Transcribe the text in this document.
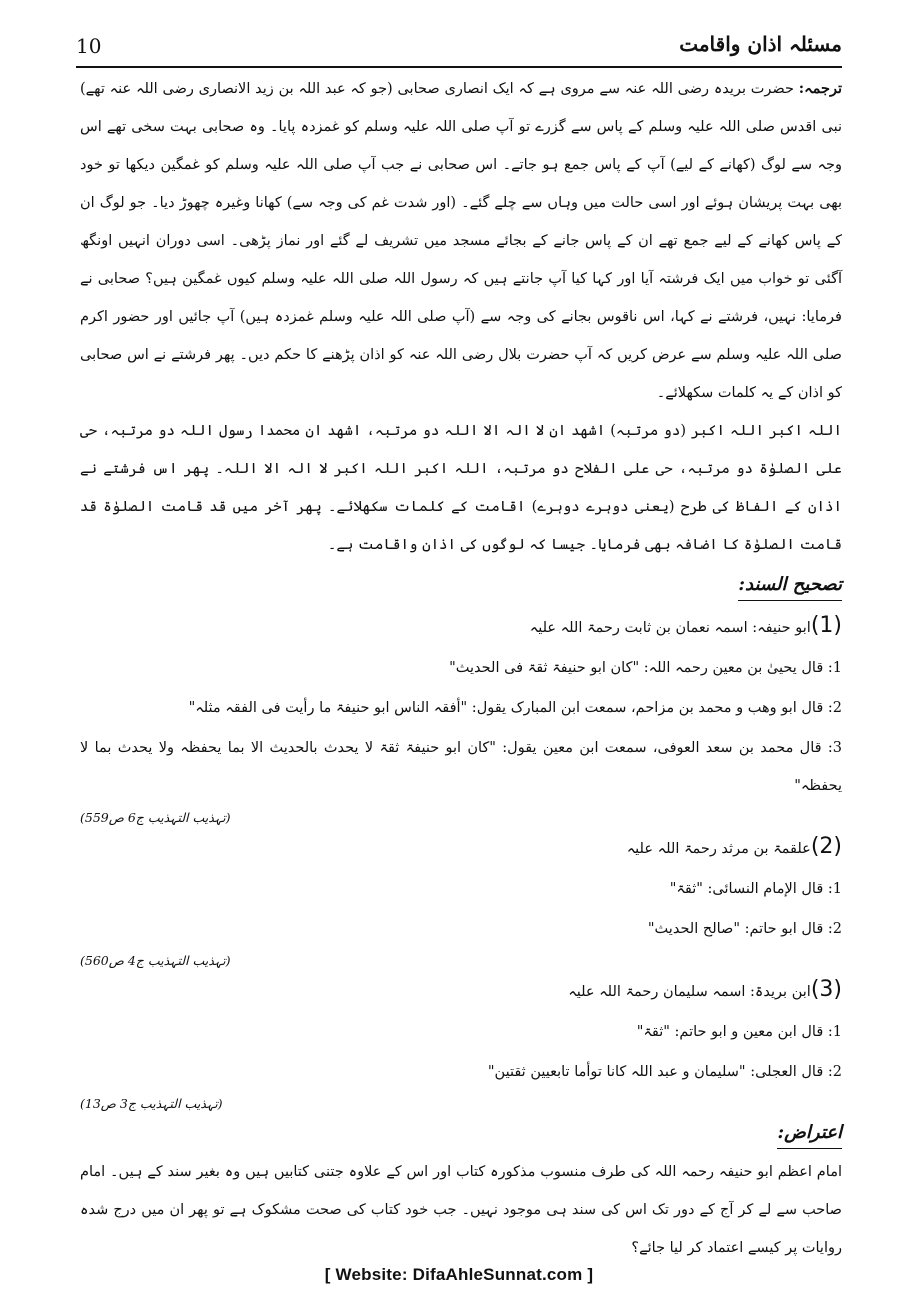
10	مسئلہ اذان واقامت

ترجمہ: حضرت بریدہ رضی اللہ عنہ سے مروی ہے کہ ایک انصاری صحابی (جو کہ عبد اللہ بن زید الانصاری رضی اللہ عنہ تھے) نبی اقدس صلی اللہ علیہ وسلم کے پاس سے گزرے تو آپ صلی اللہ علیہ وسلم کو غمزدہ پایا۔ وہ صحابی بہت سخی تھے اس وجہ سے لوگ (کھانے کے لیے) آپ کے پاس جمع ہو جاتے۔ اس صحابی نے جب آپ صلی اللہ علیہ وسلم کو غمگین دیکھا تو خود بھی بہت پریشان ہوئے اور اسی حالت میں وہاں سے چلے گئے۔ (اور شدت غم کی وجہ سے) کھانا وغیرہ چھوڑ دیا۔ جو لوگ ان کے پاس کھانے کے لیے جمع تھے ان کے پاس جانے کے بجائے مسجد میں تشریف لے گئے اور نماز پڑھی۔ اسی دوران انہیں اونگھ آگئی تو خواب میں ایک فرشتہ آیا اور کہا کیا آپ جانتے ہیں کہ رسول اللہ صلی اللہ علیہ وسلم کیوں غمگین ہیں؟ صحابی نے فرمایا: نہیں، فرشتے نے کہا، اس ناقوس بجانے کی وجہ سے (آپ صلی اللہ علیہ وسلم غمزدہ ہیں) آپ جائیں اور حضور اکرم صلی اللہ علیہ وسلم سے عرض کریں کہ آپ حضرت بلال رضی اللہ عنہ کو اذان پڑھنے کا حکم دیں۔ پھر فرشتے نے اس صحابی کو اذان کے یہ کلمات سکھلائے۔

اللہ اکبر اللہ اکبر (دو مرتبہ) اشھد ان لا الہ الا اللہ دو مرتبہ، اشھد ان محمدا رسول اللہ دو مرتبہ، حی علی الصلوٰۃ دو مرتبہ، حی علی الفلاح دو مرتبہ، اللہ اکبر اللہ اکبر لا الہ الا اللہ۔ پھر اس فرشتے نے اذان کے الفاظ کی طرح (یعنی دوہرے دوہرے) اقامت کے کلمات سکھلائے۔ پھر آخر میں قد قامت الصلوٰۃ قد قامت الصلوٰۃ کا اضافہ بھی فرمایا۔ جیسا کہ لوگوں کی اذان واقامت ہے۔

تصحیح السند:

(1)ابو حنیفہ: اسمہ نعمان بن ثابت رحمۃ اللہ علیہ

1: قال یحییٰ بن معین رحمہ اللہ: "کان ابو حنیفۃ ثقۃ فی الحدیث"

2: قال ابو وھب و محمد بن مزاحم، سمعت ابن المبارک یقول: "أفقہ الناس ابو حنیفۃ ما رأیت فی الفقہ مثلہ"

3: قال محمد بن سعد العوفی، سمعت ابن معین یقول: "کان ابو حنیفۃ ثقۃ لا یحدث بالحدیث الا بما یحفظہ ولا یحدث بما لا یحفظہ"

(تہذیب التہذیب ج6 ص559)

(2)علقمۃ بن مرثد رحمۃ اللہ علیہ

1: قال الإمام النسائی: "ثقۃ"

2: قال ابو حاتم: "صالح الحدیث"

(تہذیب التہذیب ج4 ص560)

(3)ابن بریدۃ: اسمہ سلیمان رحمۃ اللہ علیہ

1: قال ابن معین و ابو حاتم: "ثقۃ"

2: قال العجلی: "سلیمان و عبد اللہ کانا توأما تابعیین ثقتین"

(تہذیب التہذیب ج3 ص13)
اعتراض:

امام اعظم ابو حنیفہ رحمہ اللہ کی طرف منسوب مذکورہ کتاب اور اس کے علاوہ جتنی کتابیں ہیں وہ بغیر سند کے ہیں۔ امام صاحب سے لے کر آج کے دور تک اس کی سند ہی موجود نہیں۔ جب خود کتاب کی صحت مشکوک ہے تو پھر ان میں درج شدہ روایات پر کیسے اعتماد کر لیا جائے؟

[ Website: DifaAhleSunnat.com ]
